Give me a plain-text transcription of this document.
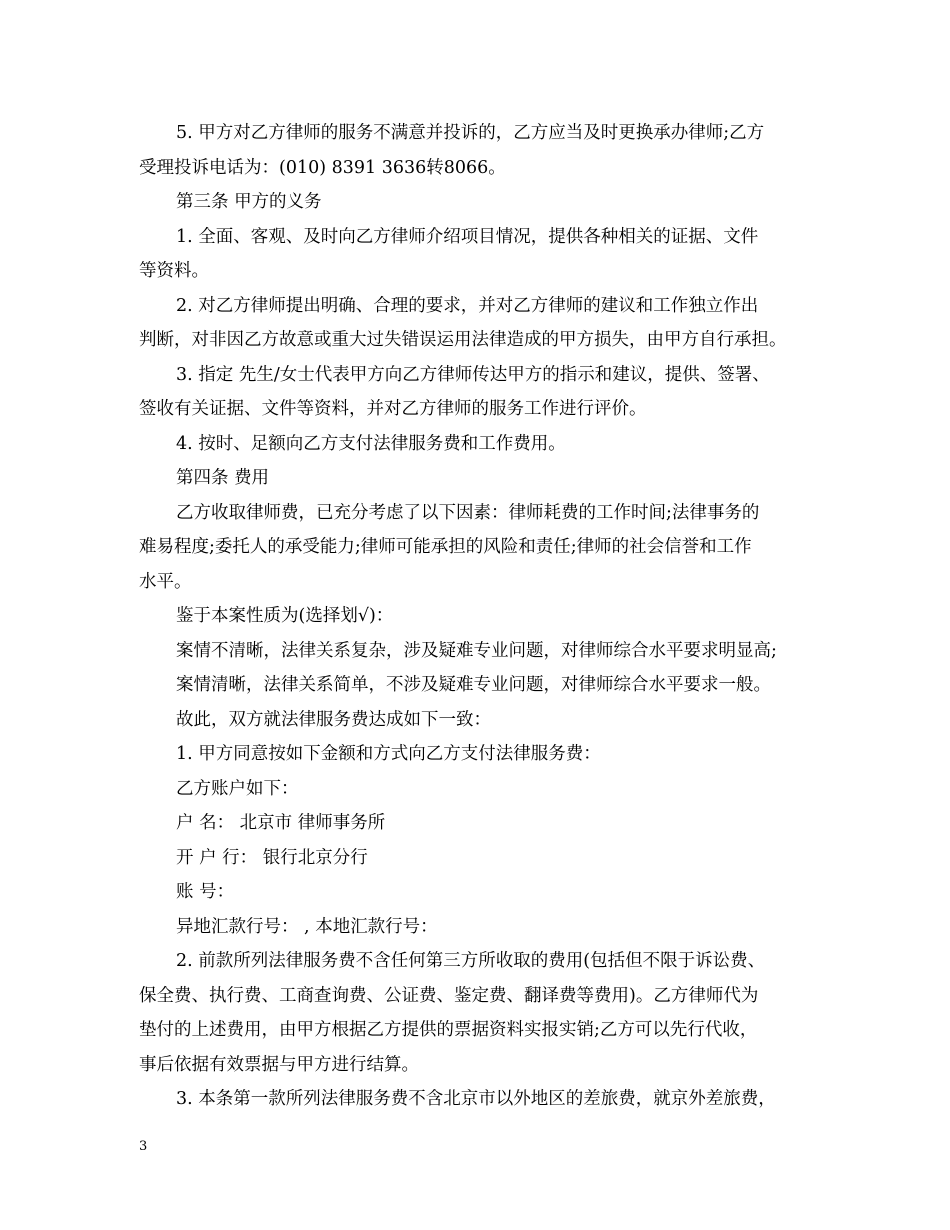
5. 甲方对乙方律师的服务不满意并投诉的，乙方应当及时更换承办律师;乙方
受理投诉电话为：(010) 8391 3636转8066。
第三条 甲方的义务
1. 全面、客观、及时向乙方律师介绍项目情况，提供各种相关的证据、文件
等资料。
2. 对乙方律师提出明确、合理的要求，并对乙方律师的建议和工作独立作出
判断，对非因乙方故意或重大过失错误运用法律造成的甲方损失，由甲方自行承担。
3. 指定 先生/女士代表甲方向乙方律师传达甲方的指示和建议，提供、签署、
签收有关证据、文件等资料，并对乙方律师的服务工作进行评价。
4. 按时、足额向乙方支付法律服务费和工作费用。
第四条 费用
乙方收取律师费，已充分考虑了以下因素：律师耗费的工作时间;法律事务的
难易程度;委托人的承受能力;律师可能承担的风险和责任;律师的社会信誉和工作
水平。
鉴于本案性质为(选择划√)：
案情不清晰，法律关系复杂，涉及疑难专业问题，对律师综合水平要求明显高;
案情清晰，法律关系简单，不涉及疑难专业问题，对律师综合水平要求一般。
故此，双方就法律服务费达成如下一致：
1. 甲方同意按如下金额和方式向乙方支付法律服务费：
乙方账户如下：
户 名： 北京市 律师事务所
开 户 行： 银行北京分行
账 号：
异地汇款行号： , 本地汇款行号：
2. 前款所列法律服务费不含任何第三方所收取的费用(包括但不限于诉讼费、
保全费、执行费、工商查询费、公证费、鉴定费、翻译费等费用)。乙方律师代为
垫付的上述费用，由甲方根据乙方提供的票据资料实报实销;乙方可以先行代收，
事后依据有效票据与甲方进行结算。
3. 本条第一款所列法律服务费不含北京市以外地区的差旅费，就京外差旅费，
3
